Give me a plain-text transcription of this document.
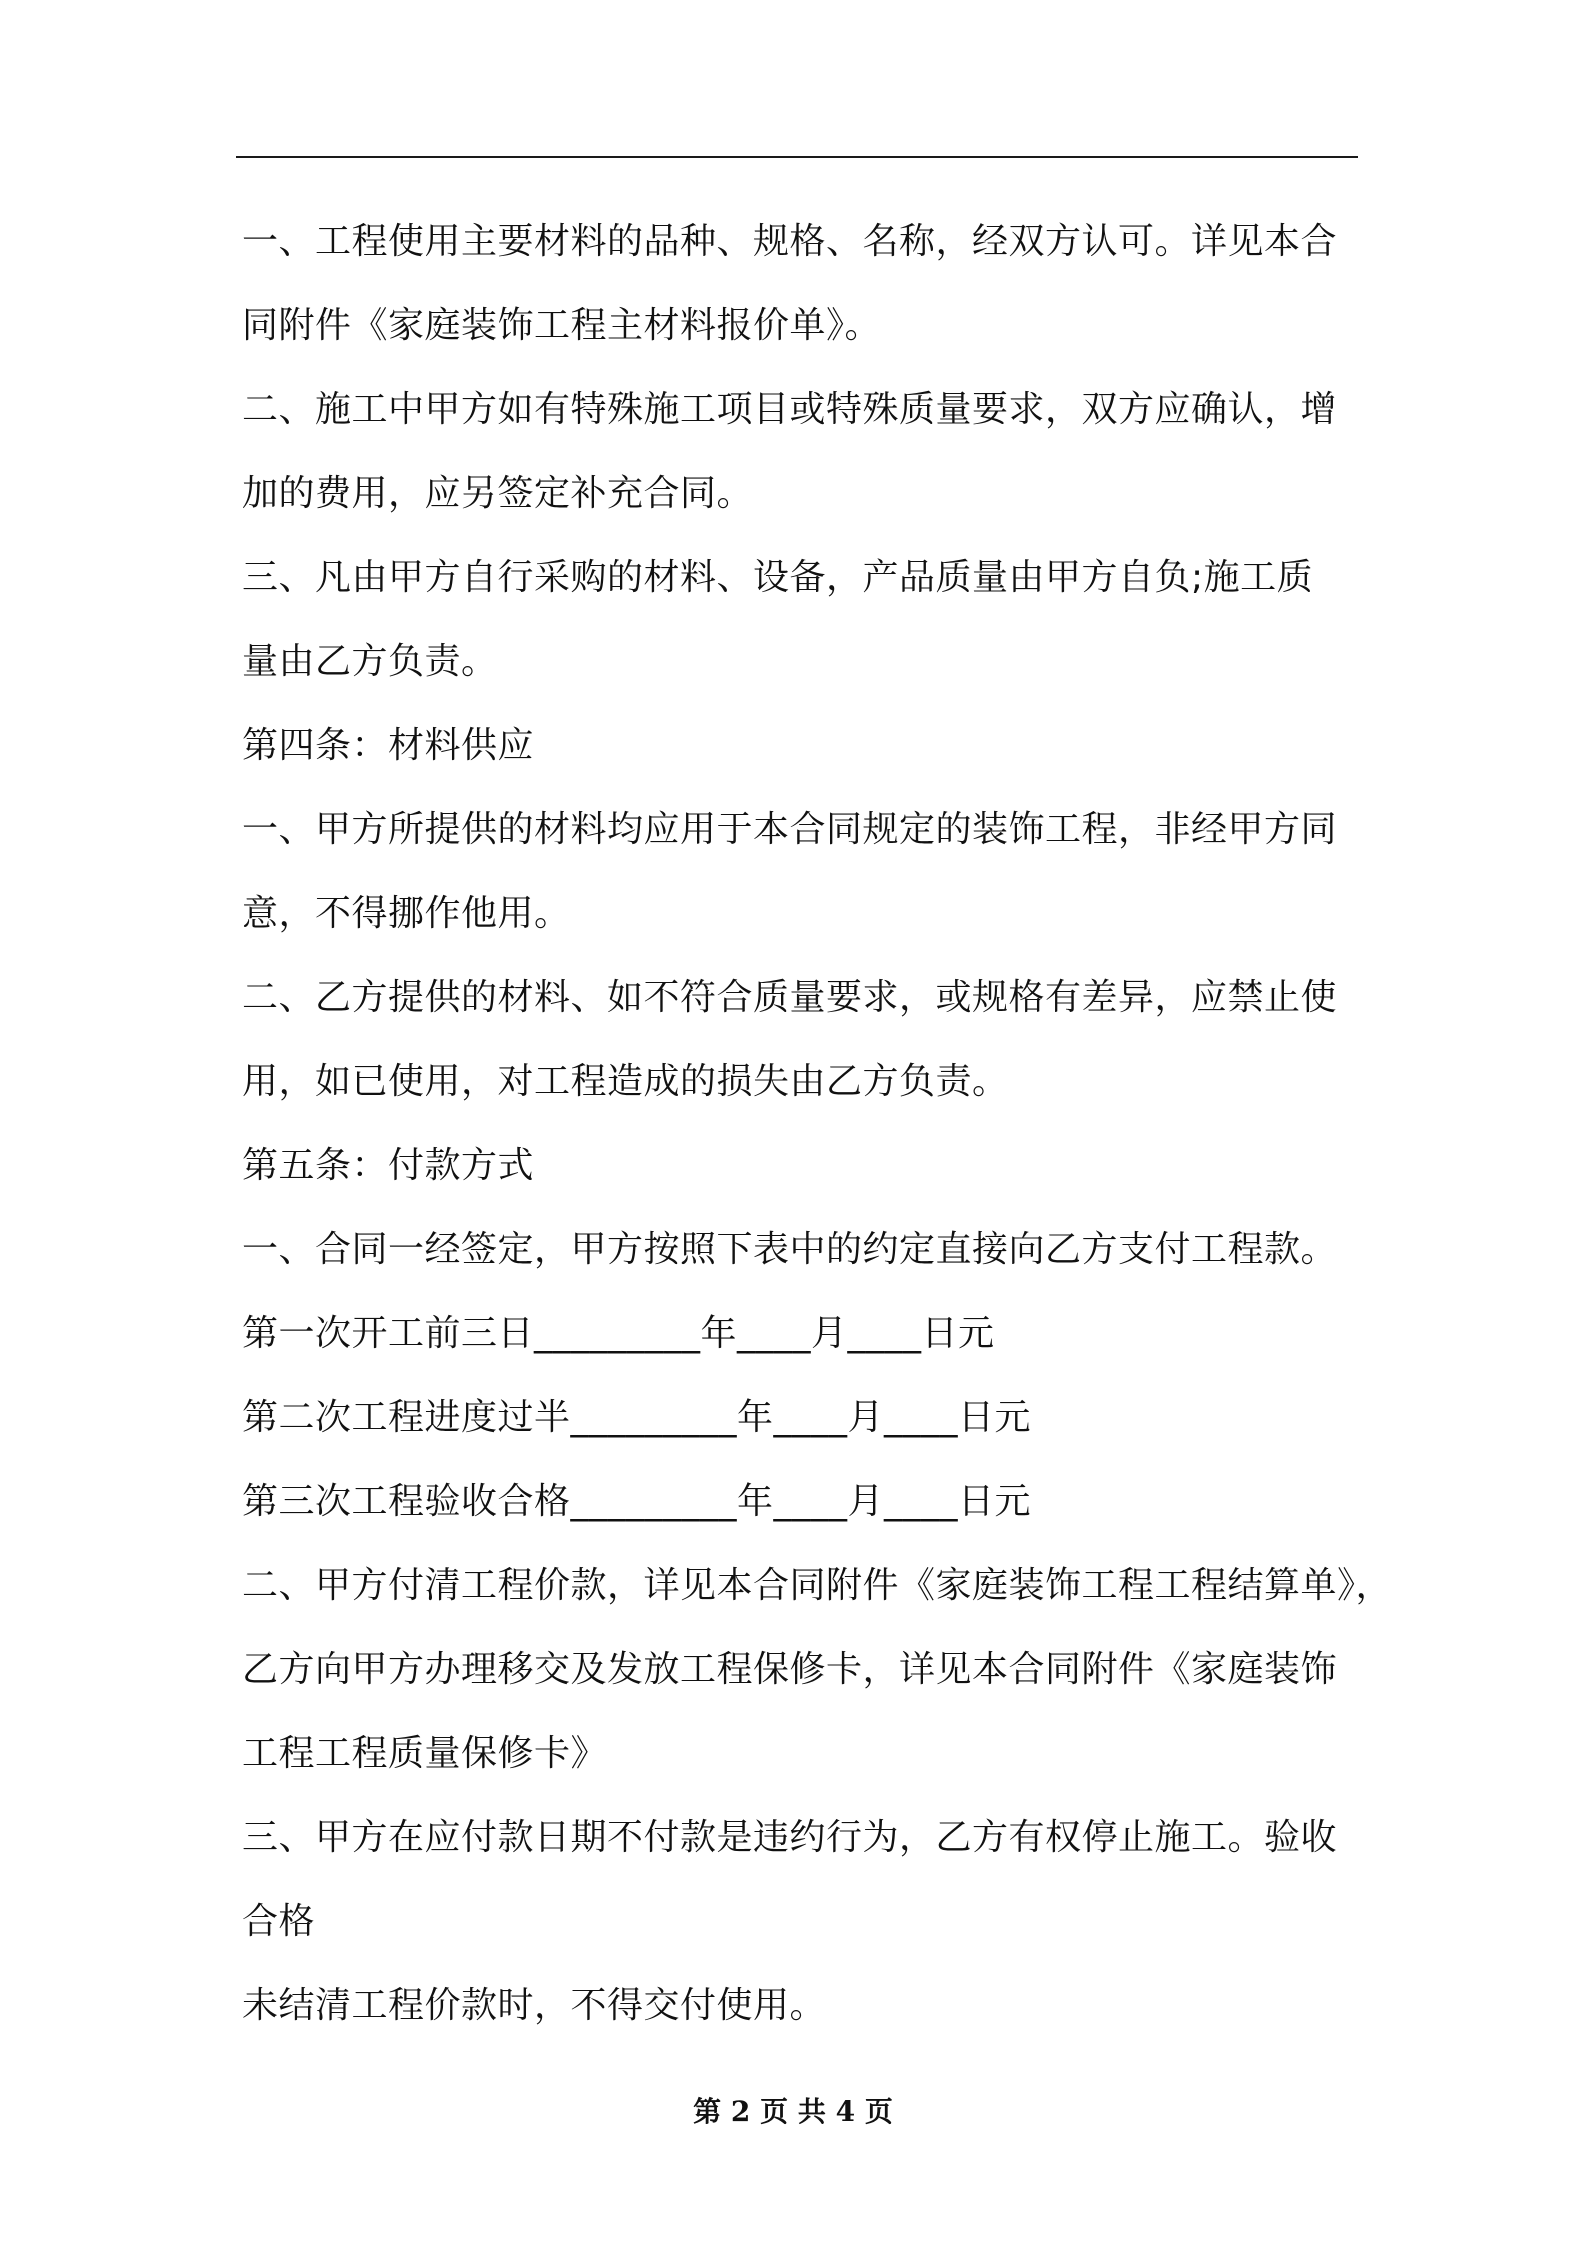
一、工程使用主要材料的品种、规格、名称，经双方认可。详见本合
同附件《家庭装饰工程主材料报价单》。
二、施工中甲方如有特殊施工项目或特殊质量要求，双方应确认，增
加的费用，应另签定补充合同。
三、凡由甲方自行采购的材料、设备，产品质量由甲方自负;施工质
量由乙方负责。
第四条：材料供应
一、甲方所提供的材料均应用于本合同规定的装饰工程，非经甲方同
意，不得挪作他用。
二、乙方提供的材料、如不符合质量要求，或规格有差异，应禁止使
用，如已使用，对工程造成的损失由乙方负责。
第五条：付款方式
一、合同一经签定，甲方按照下表中的约定直接向乙方支付工程款。
第一次开工前三日_________年____月____日元
第二次工程进度过半_________年____月____日元
第三次工程验收合格_________年____月____日元
二、甲方付清工程价款，详见本合同附件《家庭装饰工程工程结算单》，
乙方向甲方办理移交及发放工程保修卡，详见本合同附件《家庭装饰
工程工程质量保修卡》
三、甲方在应付款日期不付款是违约行为，乙方有权停止施工。验收
合格
未结清工程价款时，不得交付使用。
第 2 页 共 4 页
